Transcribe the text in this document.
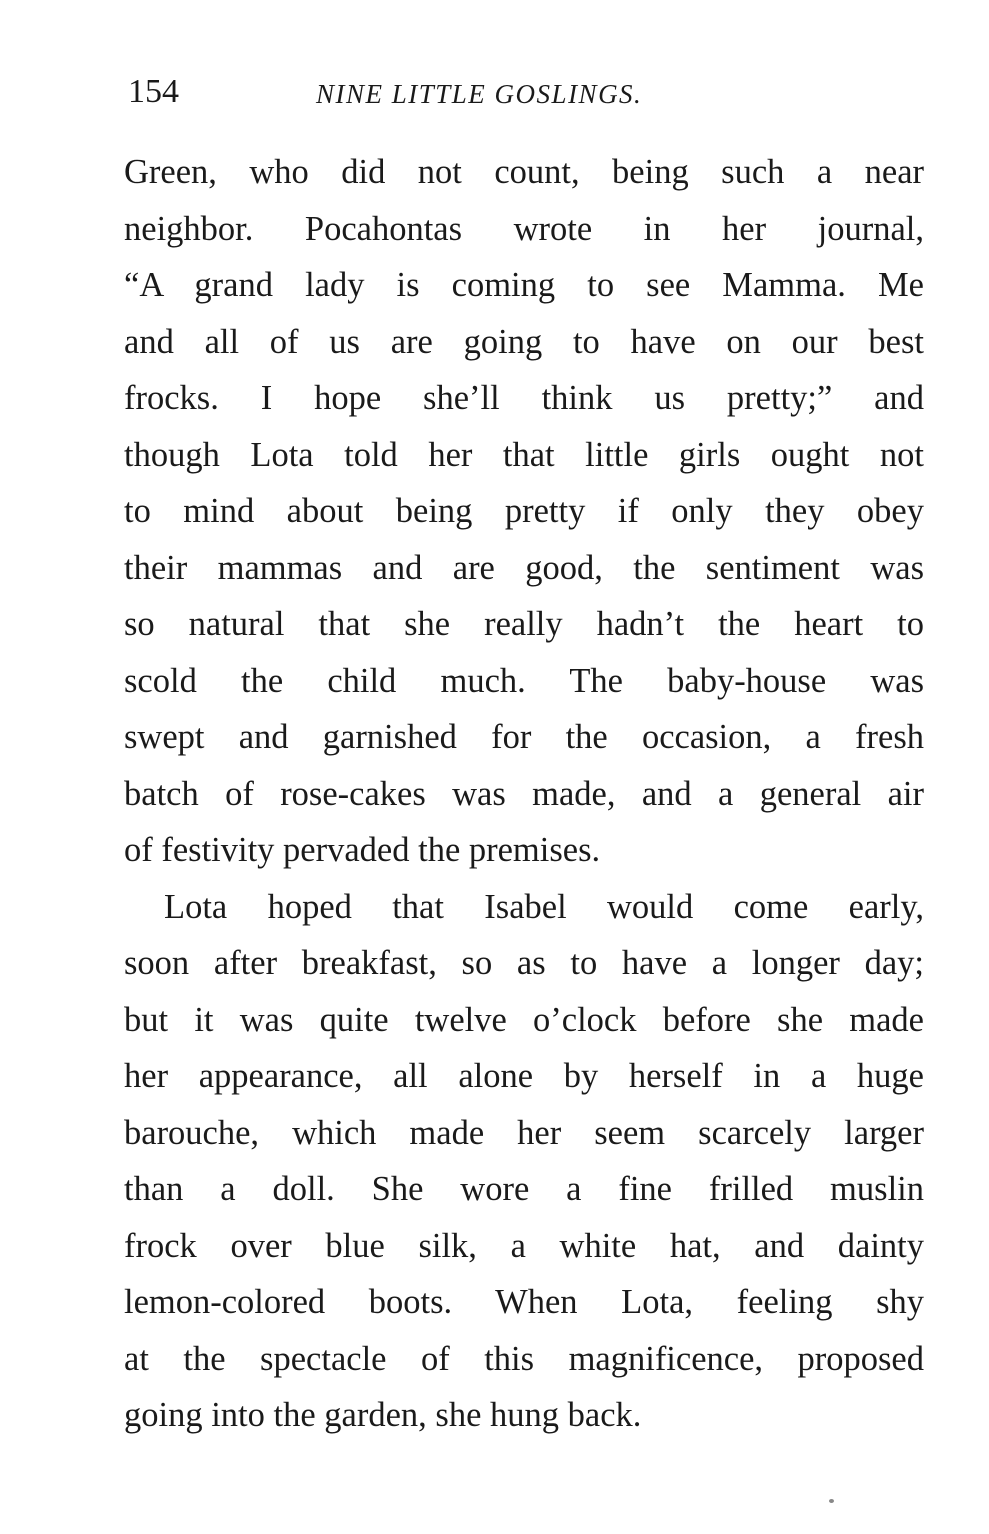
154	NINE LITTLE GOSLINGS.
Green, who did not count, being such a near
neighbor. Pocahontas wrote in her journal,
“A grand lady is coming to see Mamma. Me
and all of us are going to have on our best
frocks. I hope she’ll think us pretty;” and
though Lota told her that little girls ought not
to mind about being pretty if only they obey
their mammas and are good, the sentiment was
so natural that she really hadn’t the heart to
scold the child much. The baby-house was
swept and garnished for the occasion, a fresh
batch of rose-cakes was made, and a general air
of festivity pervaded the premises.
Lota hoped that Isabel would come early,
soon after breakfast, so as to have a longer day;
but it was quite twelve o’clock before she made
her appearance, all alone by herself in a huge
barouche, which made her seem scarcely larger
than a doll. She wore a fine frilled muslin
frock over blue silk, a white hat, and dainty
lemon-colored boots. When Lota, feeling shy
at the spectacle of this magnificence, proposed
going into the garden, she hung back.
